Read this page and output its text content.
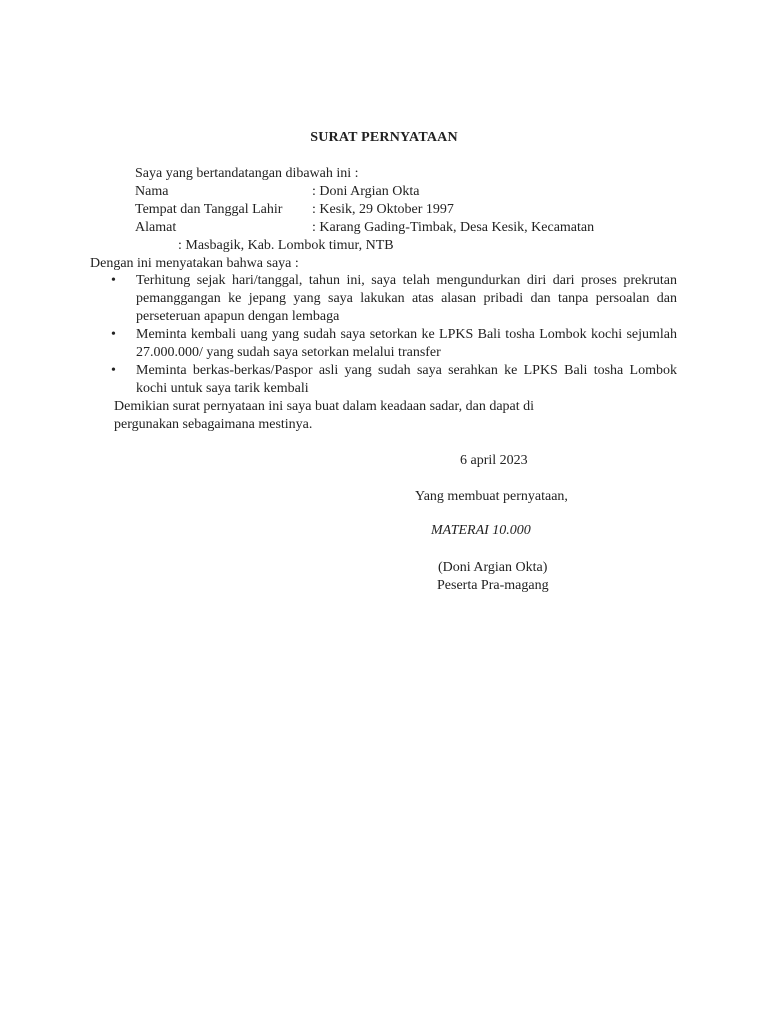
SURAT PERNYATAAN
Saya yang bertandatangan dibawah ini :
Nama	: Doni Argian Okta
Tempat dan Tanggal Lahir : Kesik, 29 Oktober 1997
Alamat	: Karang Gading-Timbak, Desa Kesik, Kecamatan
: Masbagik, Kab. Lombok timur, NTB
Dengan ini menyatakan bahwa saya :
•	Terhitung sejak hari/tanggal, tahun ini, saya telah mengundurkan diri dari proses prekrutan pemanggangan ke jepang yang saya lakukan atas alasan pribadi dan tanpa persoalan dan perseteruan apapun dengan lembaga
•	Meminta kembali uang yang sudah saya setorkan ke LPKS Bali tosha Lombok kochi sejumlah 27.000.000/ yang sudah saya setorkan melalui transfer
•	Meminta berkas-berkas/Paspor asli yang sudah saya serahkan ke LPKS Bali tosha Lombok kochi untuk saya tarik kembali
Demikian surat pernyataan ini saya buat dalam keadaan sadar, dan dapat di
pergunakan sebagaimana mestinya.
6 april 2023
Yang membuat pernyataan,
MATERAI 10.000
(Doni Argian Okta)
Peserta Pra-magang
